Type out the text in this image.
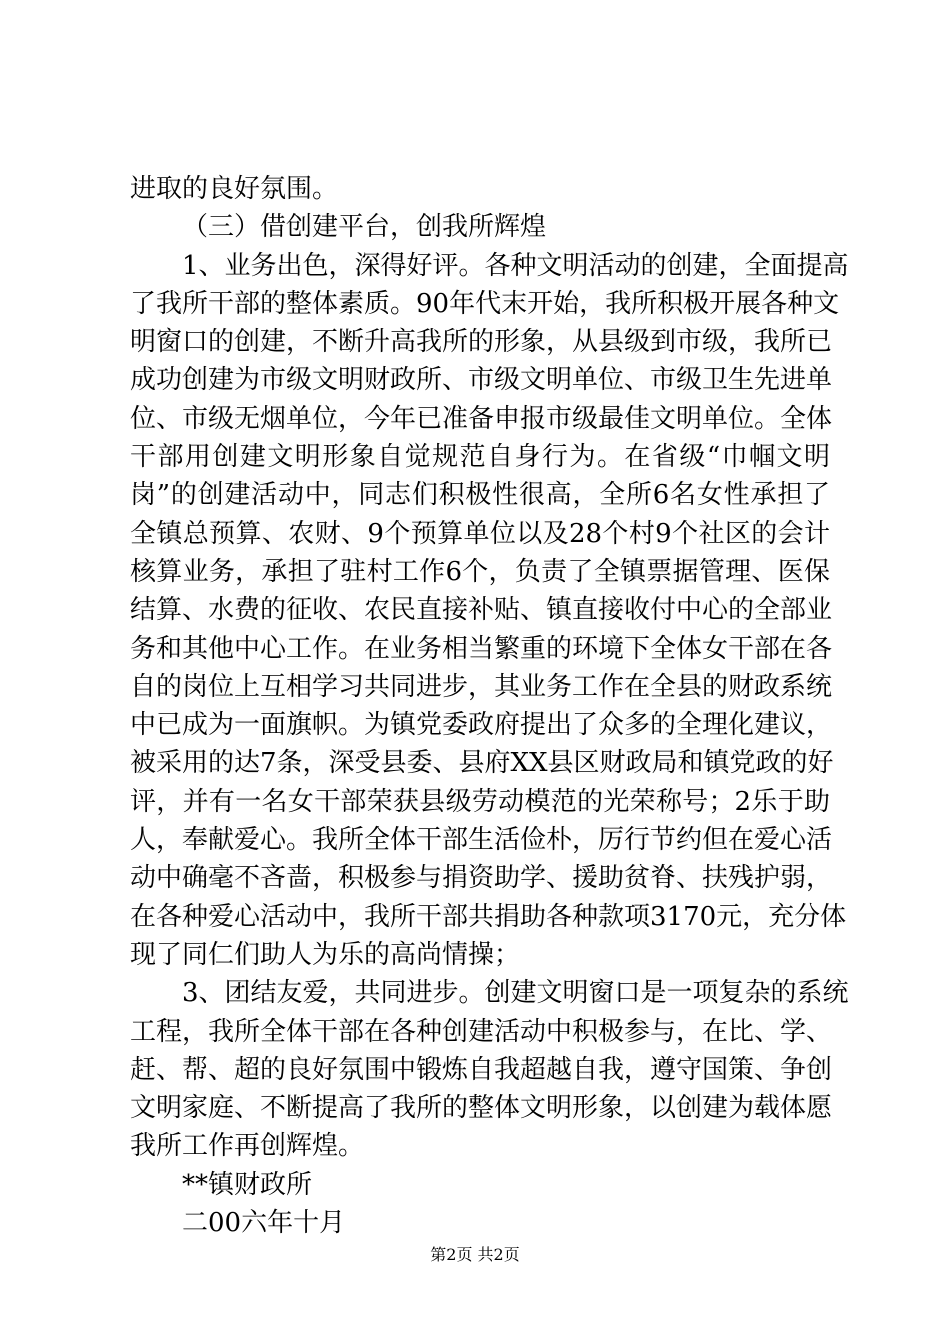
进取的良好氛围。
（三）借创建平台，创我所辉煌
1、业务出色，深得好评。各种文明活动的创建，全面提高
了我所干部的整体素质。90年代末开始，我所积极开展各种文
明窗口的创建，不断升高我所的形象，从县级到市级，我所已
成功创建为市级文明财政所、市级文明单位、市级卫生先进单
位、市级无烟单位，今年已准备申报市级最佳文明单位。全体
干部用创建文明形象自觉规范自身行为。在省级“巾帼文明
岗”的创建活动中，同志们积极性很高，全所6名女性承担了
全镇总预算、农财、9个预算单位以及28个村9个社区的会计
核算业务，承担了驻村工作6个，负责了全镇票据管理、医保
结算、水费的征收、农民直接补贴、镇直接收付中心的全部业
务和其他中心工作。在业务相当繁重的环境下全体女干部在各
自的岗位上互相学习共同进步，其业务工作在全县的财政系统
中已成为一面旗帜。为镇党委政府提出了众多的全理化建议，
被采用的达7条，深受县委、县府XX县区财政局和镇党政的好
评，并有一名女干部荣获县级劳动模范的光荣称号；2乐于助
人，奉献爱心。我所全体干部生活俭朴，厉行节约但在爱心活
动中确毫不吝啬，积极参与捐资助学、援助贫脊、扶残护弱，
在各种爱心活动中，我所干部共捐助各种款项3170元，充分体
现了同仁们助人为乐的高尚情操；
3、团结友爱，共同进步。创建文明窗口是一项复杂的系统
工程，我所全体干部在各种创建活动中积极参与，在比、学、
赶、帮、超的良好氛围中锻炼自我超越自我，遵守国策、争创
文明家庭、不断提高了我所的整体文明形象，以创建为载体愿
我所工作再创辉煌。
**镇财政所
二00六年十月
第2页 共2页
